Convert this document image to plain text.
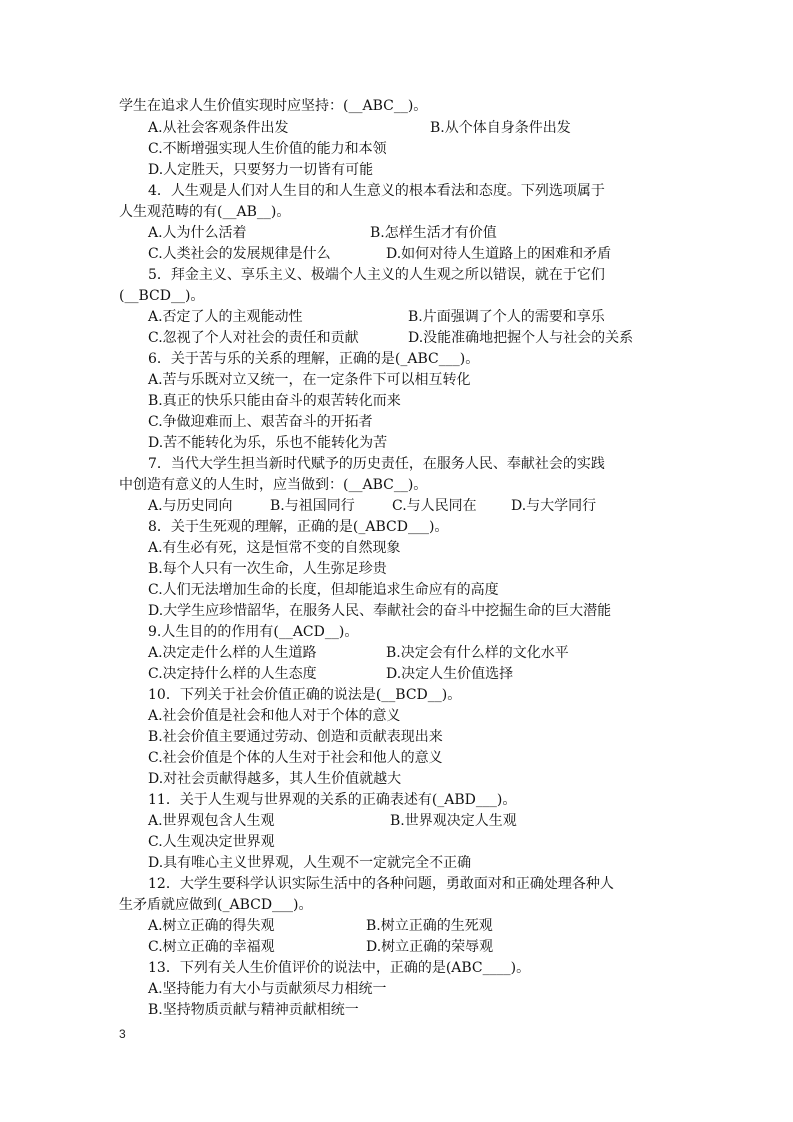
学生在追求人生价值实现时应坚持：(__ABC__)。
A.从社会客观条件出发	B.从个体自身条件出发
C.不断增强实现人生价值的能力和本领
D.人定胜天，只要努力一切皆有可能
4．人生观是人们对人生目的和人生意义的根本看法和态度。下列选项属于
人生观范畴的有(__AB__)。
A.人为什么活着	B.怎样生活才有价值
C.人类社会的发展规律是什么	D.如何对待人生道路上的困难和矛盾
5．拜金主义、享乐主义、极端个人主义的人生观之所以错误，就在于它们
(__BCD__)。
A.否定了人的主观能动性	B.片面强调了个人的需要和享乐
C.忽视了个人对社会的责任和贡献	D.没能准确地把握个人与社会的关系
6．关于苦与乐的关系的理解，正确的是(_ABC___)。
A.苦与乐既对立又统一，在一定条件下可以相互转化
B.真正的快乐只能由奋斗的艰苦转化而来
C.争做迎难而上、艰苦奋斗的开拓者
D.苦不能转化为乐，乐也不能转化为苦
7．当代大学生担当新时代赋予的历史责任，在服务人民、奉献社会的实践
中创造有意义的人生时，应当做到：(__ABC__)。
A.与历史同向	B.与祖国同行	C.与人民同在 D.与大学同行
8．关于生死观的理解，正确的是(_ABCD___)。
A.有生必有死，这是恒常不变的自然现象
B.每个人只有一次生命，人生弥足珍贵
C.人们无法增加生命的长度，但却能追求生命应有的高度
D.大学生应珍惜韶华，在服务人民、奉献社会的奋斗中挖掘生命的巨大潜能
9.人生目的的作用有(__ACD__)。
A.决定走什么样的人生道路	B.决定会有什么样的文化水平
C.决定持什么样的人生态度	D.决定人生价值选择
10．下列关于社会价值正确的说法是(__BCD__)。
A.社会价值是社会和他人对于个体的意义
B.社会价值主要通过劳动、创造和贡献表现出来
C.社会价值是个体的人生对于社会和他人的意义
D.对社会贡献得越多，其人生价值就越大
11．关于人生观与世界观的关系的正确表述有(_ABD___)。
A.世界观包含人生观	B.世界观决定人生观
C.人生观决定世界观
D.具有唯心主义世界观，人生观不一定就完全不正确
12．大学生要科学认识实际生活中的各种问题，勇敢面对和正确处理各种人
生矛盾就应做到(_ABCD___)。
A.树立正确的得失观	B.树立正确的生死观
C.树立正确的幸福观	D.树立正确的荣辱观
13．下列有关人生价值评价的说法中，正确的是(ABC____)。
A.坚持能力有大小与贡献须尽力相统一
B.坚持物质贡献与精神贡献相统一
3
